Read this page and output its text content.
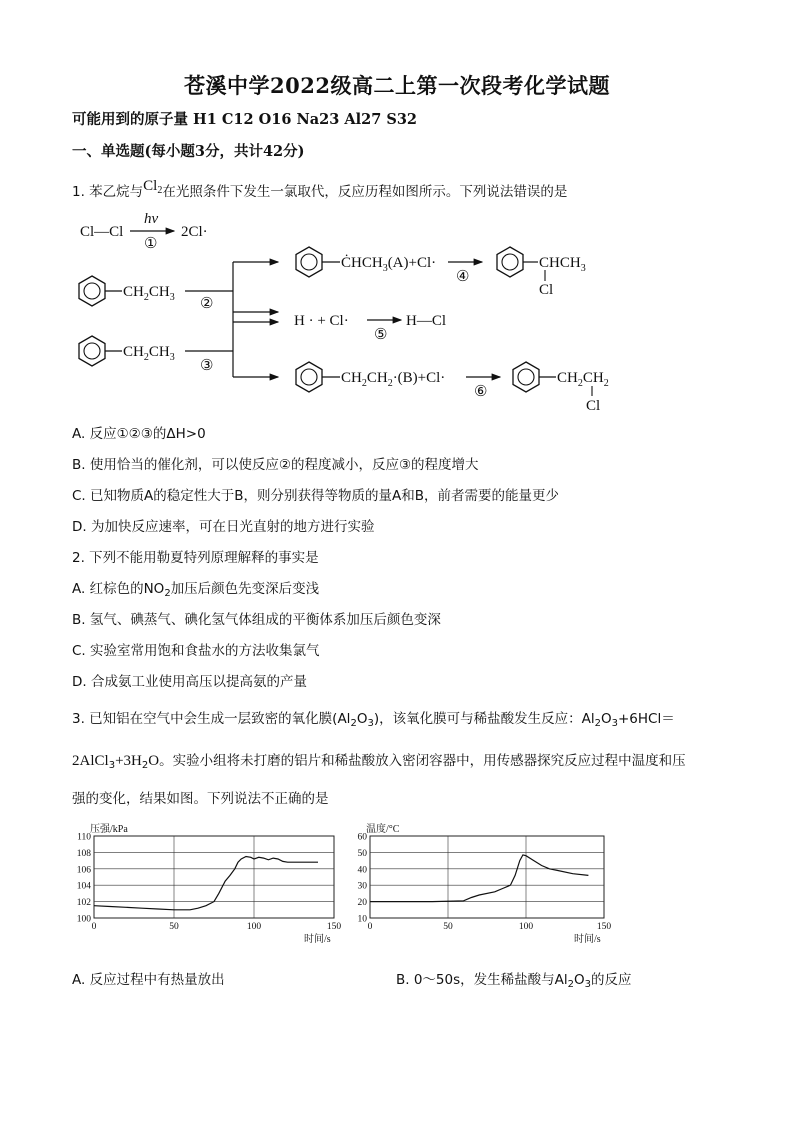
苍溪中学2022级高二上第一次段考化学试题
可能用到的原子量 H1 C12 O16 Na23 Al27 S32
一、单选题(每小题3分，共计42分)
1. 苯乙烷与$Cl_2$在光照条件下发生一氯取代，反应历程如图所示。下列说法错误的是
Cl—Cl
hν
①
2Cl·
$CH_2CH_3$ ②
$ĊHCH_3(A)+Cl\cdot$
④
$CHCH_3$
Cl
H · + Cl·
⑤
H—Cl
$CH_2CH_3$
③
$CH_2CH_2\cdot(B)+Cl\cdot$
⑥
$CH_2CH_2$
Cl
A. 反应①②③的ΔH>0
B. 使用恰当的催化剂，可以使反应②的程度减小，反应③的程度增大
C. 已知物质A的稳定性大于B，则分别获得等物质的量A和B，前者需要的能量更少
D. 为加快反应速率，可在日光直射的地方进行实验
2. 下列不能用勒夏特列原理解释的事实是
A. 红棕色的$NO_2$加压后颜色先变深后变浅
B. 氢气、碘蒸气、碘化氢气体组成的平衡体系加压后颜色变深
C. 实验室常用饱和食盐水的方法收集氯气
D. 合成氨工业使用高压以提高氨的产量
3. 已知铝在空气中会生成一层致密的氧化膜$(Al_2O_3)$，该氧化膜可与稀盐酸发生反应：$Al_2O_3+6HCl=$
$2AlCl_3+3H_2O$。实验小组将未打磨的铝片和稀盐酸放入密闭容器中，用传感器探究反应过程中温度和压
强的变化，结果如图。下列说法不正确的是
100
102
104
106
108
110
0	50	100	150
压强/kPa
时间/s
10
20
30
40
50
60
0	50	100	150
温度/°C
时间/s
A. 反应过程中有热量放出	B. 0～50s，发生稀盐酸与$Al_2O_3$的反应
